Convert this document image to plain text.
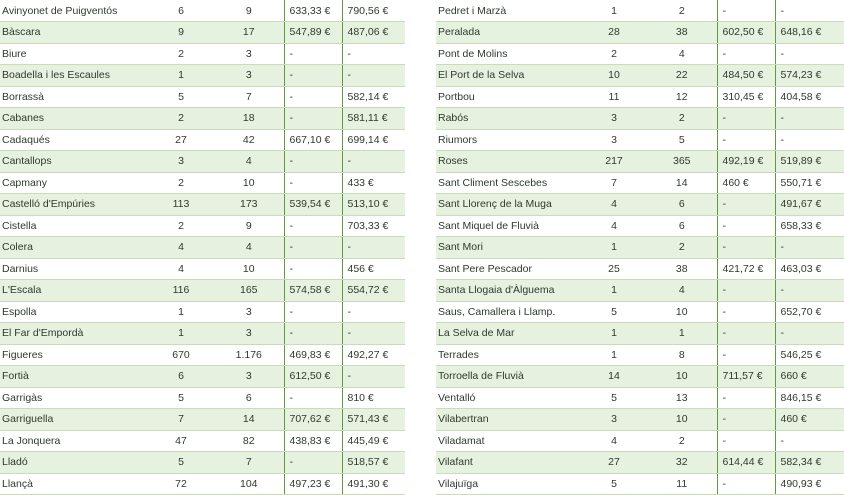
Avinyonet de Puigventós	6	9	633,33 €	790,56 €
Bàscara	9	17	547,89 €	487,06 €
Biure	2	3	-	-
Boadella i les Escaules	1	3	-	-
Borrassà	5	7	-	582,14 €
Cabanes	2	18	-	581,11 €
Cadaqués	27	42	667,10 €	699,14 €
Cantallops	3	4	-	-
Capmany	2	10	-	433 €
Castelló d'Empúries	113	173	539,54 €	513,10 €
Cistella	2	9	-	703,33 €
Colera	4	4	-	-
Darnius	4	10	-	456 €
L'Escala	116	165	574,58 €	554,72 €
Espolla	1	3	-	-
El Far d'Empordà	1	3	-	-
Figueres	670	1.176	469,83 €	492,27 €
Fortià	6	3	612,50 €	-
Garrigàs	5	6	-	810 €
Garriguella	7	14	707,62 €	571,43 €
La Jonquera	47	82	438,83 €	445,49 €
Lladó	5	7	-	518,57 €
Llançà	72	104	497,23 €	491,30 €
Pedret i Marzà	1	2	-	-
Peralada	28	38	602,50 €	648,16 €
Pont de Molins	2	4	-	-
El Port de la Selva	10	22	484,50 €	574,23 €
Portbou	11	12	310,45 €	404,58 €
Rabós	3	2	-	-
Riumors	3	5	-	-
Roses	217	365	492,19 €	519,89 €
Sant Climent Sescebes	7	14	460 €	550,71 €
Sant Llorenç de la Muga	4	6	-	491,67 €
Sant Miquel de Fluvià	4	6	-	658,33 €
Sant Mori	1	2	-	-
Sant Pere Pescador	25	38	421,72 €	463,03 €
Santa Llogaia d'Àlguema	1	4	-	-
Saus, Camallera i Llamp.	5	10	-	652,70 €
La Selva de Mar	1	1	-	-
Terrades	1	8	-	546,25 €
Torroella de Fluvià	14	10	711,57 €	660 €
Ventalló	5	13	-	846,15 €
Vilabertran	3	10	-	460 €
Viladamat	4	2	-	-
Vilafant	27	32	614,44 €	582,34 €
Vilajuïga	5	11	-	490,93 €
